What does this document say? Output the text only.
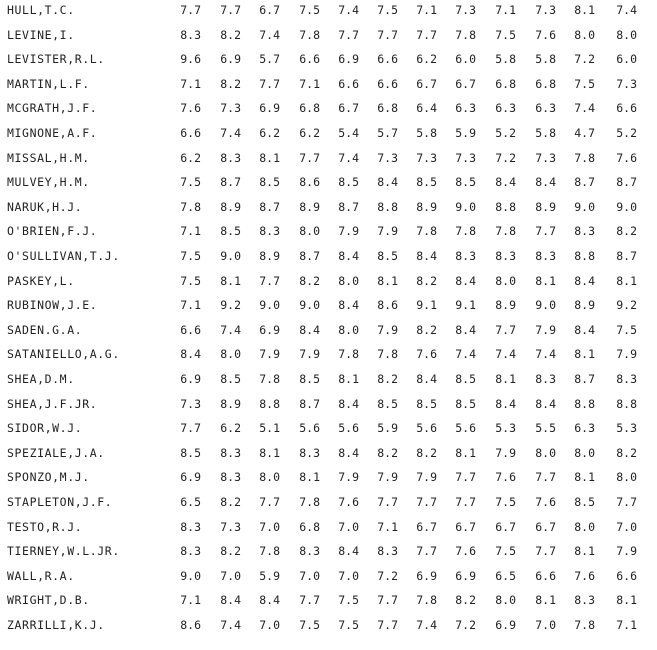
HULL,T.C.	7.7	7.7	6.7	7.5	7.4	7.5	7.1	7.3	7.1	7.3	8.1	7.4
LEVINE,I.	8.3	8.2	7.4	7.8	7.7	7.7	7.7	7.8	7.5	7.6	8.0	8.0
LEVISTER,R.L.	9.6	6.9	5.7	6.6	6.9	6.6	6.2	6.0	5.8	5.8	7.2	6.0
MARTIN,L.F.	7.1	8.2	7.7	7.1	6.6	6.6	6.7	6.7	6.8	6.8	7.5	7.3
MCGRATH,J.F.	7.6	7.3	6.9	6.8	6.7	6.8	6.4	6.3	6.3	6.3	7.4	6.6
MIGNONE,A.F.	6.6	7.4	6.2	6.2	5.4	5.7	5.8	5.9	5.2	5.8	4.7	5.2
MISSAL,H.M.	6.2	8.3	8.1	7.7	7.4	7.3	7.3	7.3	7.2	7.3	7.8	7.6
MULVEY,H.M.	7.5	8.7	8.5	8.6	8.5	8.4	8.5	8.5	8.4	8.4	8.7	8.7
NARUK,H.J.	7.8	8.9	8.7	8.9	8.7	8.8	8.9	9.0	8.8	8.9	9.0	9.0
O'BRIEN,F.J.	7.1	8.5	8.3	8.0	7.9	7.9	7.8	7.8	7.8	7.7	8.3	8.2
O'SULLIVAN,T.J.	7.5	9.0	8.9	8.7	8.4	8.5	8.4	8.3	8.3	8.3	8.8	8.7
PASKEY,L.	7.5	8.1	7.7	8.2	8.0	8.1	8.2	8.4	8.0	8.1	8.4	8.1
RUBINOW,J.E.	7.1	9.2	9.0	9.0	8.4	8.6	9.1	9.1	8.9	9.0	8.9	9.2
SADEN.G.A.	6.6	7.4	6.9	8.4	8.0	7.9	8.2	8.4	7.7	7.9	8.4	7.5
SATANIELLO,A.G.	8.4	8.0	7.9	7.9	7.8	7.8	7.6	7.4	7.4	7.4	8.1	7.9
SHEA,D.M.	6.9	8.5	7.8	8.5	8.1	8.2	8.4	8.5	8.1	8.3	8.7	8.3
SHEA,J.F.JR.	7.3	8.9	8.8	8.7	8.4	8.5	8.5	8.5	8.4	8.4	8.8	8.8
SIDOR,W.J.	7.7	6.2	5.1	5.6	5.6	5.9	5.6	5.6	5.3	5.5	6.3	5.3
SPEZIALE,J.A.	8.5	8.3	8.1	8.3	8.4	8.2	8.2	8.1	7.9	8.0	8.0	8.2
SPONZO,M.J.	6.9	8.3	8.0	8.1	7.9	7.9	7.9	7.7	7.6	7.7	8.1	8.0
STAPLETON,J.F.	6.5	8.2	7.7	7.8	7.6	7.7	7.7	7.7	7.5	7.6	8.5	7.7
TESTO,R.J.	8.3	7.3	7.0	6.8	7.0	7.1	6.7	6.7	6.7	6.7	8.0	7.0
TIERNEY,W.L.JR.	8.3	8.2	7.8	8.3	8.4	8.3	7.7	7.6	7.5	7.7	8.1	7.9
WALL,R.A.	9.0	7.0	5.9	7.0	7.0	7.2	6.9	6.9	6.5	6.6	7.6	6.6
WRIGHT,D.B.	7.1	8.4	8.4	7.7	7.5	7.7	7.8	8.2	8.0	8.1	8.3	8.1
ZARRILLI,K.J.	8.6	7.4	7.0	7.5	7.5	7.7	7.4	7.2	6.9	7.0	7.8	7.1
